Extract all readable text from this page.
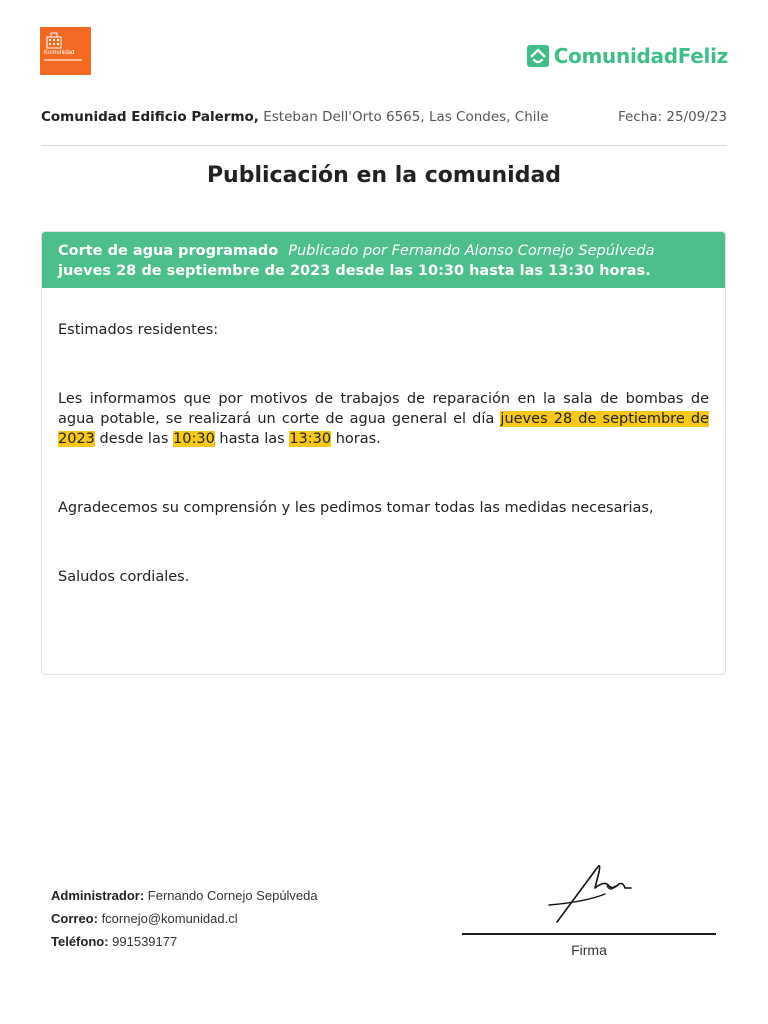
Komunidad	ComunidadFeliz
Comunidad Edificio Palermo, Esteban Dell'Orto 6565, Las Condes, Chile	Fecha: 25/09/23
Publicación en la comunidad
Corte de agua programado Publicado por Fernando Alonso Cornejo Sepúlveda
jueves 28 de septiembre de 2023 desde las 10:30 hasta las 13:30 horas.

Estimados residentes:

Les informamos que por motivos de trabajos de reparación en la sala de bombas de agua potable, se realizará un corte de agua general el día jueves 28 de septiembre de 2023 desde las 10:30 hasta las 13:30 horas.

Agradecemos su comprensión y les pedimos tomar todas las medidas necesarias,

Saludos cordiales.

Administrador: Fernando Cornejo Sepúlveda
Correo: fcornejo@komunidad.cl
Teléfono: 991539177
Firma
